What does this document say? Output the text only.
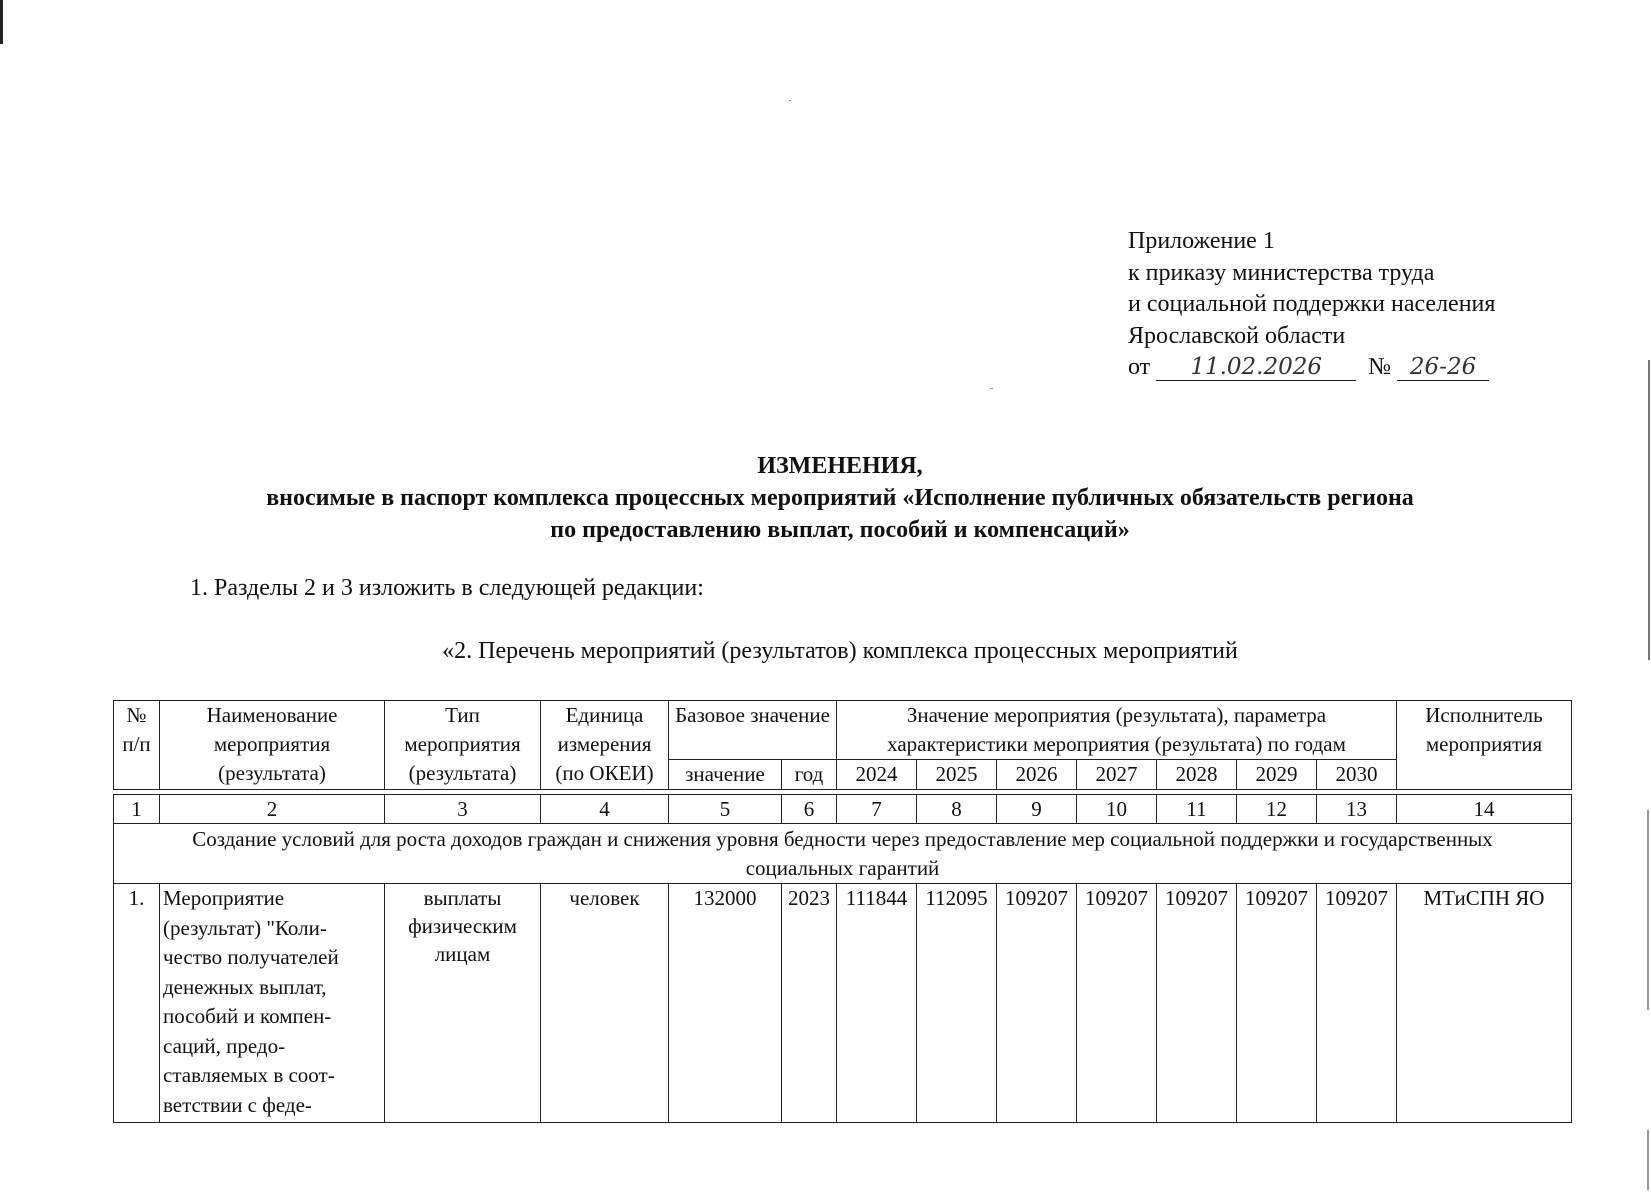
Приложение 1
к приказу министерства труда
и социальной поддержки населения
Ярославской области
от 11.02.2026 № 26-26
ИЗМЕНЕНИЯ,
вносимые в паспорт комплекса процессных мероприятий «Исполнение публичных обязательств региона
по предоставлению выплат, пособий и компенсаций»
1. Разделы 2 и 3 изложить в следующей редакции:
«2. Перечень мероприятий (результатов) комплекса процессных мероприятий
№ п/п	Наименование мероприятия (результата)	Тип мероприятия (результата)	Единица измерения (по ОКЕИ)	Базовое значение		Значение мероприятия (результата), параметра характеристики мероприятия (результата) по годам							Исполнитель мероприятия

				значение	год	2024	2025	2026	2027	2028	2029	2030	
1	2	3	4	5	6	7	8	9	10	11	12	13	14
Создание условий для роста доходов граждан и снижения уровня бедности через предоставление мер социальной поддержки и государственных социальных гарантий													
1.	Мероприятие (результат) "Коли-чество получателей денежных выплат, пособий и компен-саций, предо-ставляемых в соот-ветствии с феде-	выплаты физическим лицам	человек	132000	2023	111844	112095	109207	109207	109207	109207	109207	МТиСПН ЯО
